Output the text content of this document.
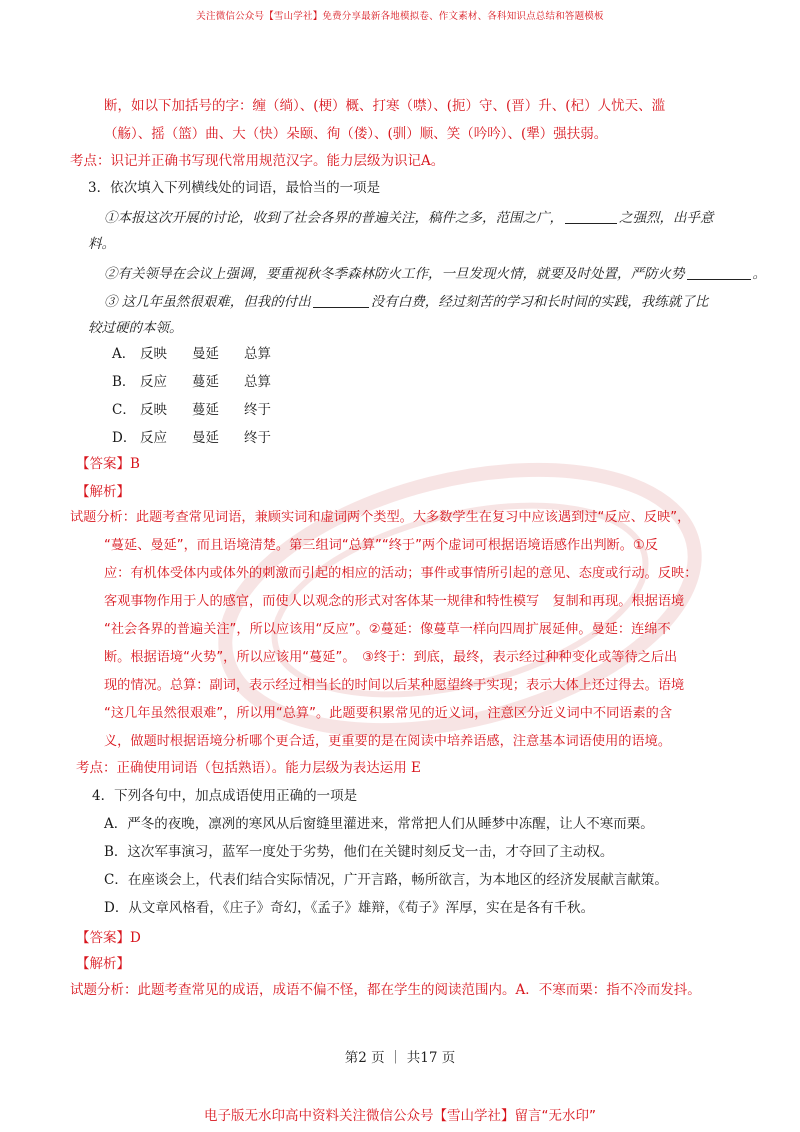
关注微信公众号【雪山学社】免费分享最新各地模拟卷、作文素材、各科知识点总结和答题模板
断，如以下加括号的字：缠（绱）、(梗）概、打寒（噤）、(扼）守、(晋）升、(杞）人忧天、滥
（觞）、摇（篮）曲、大（快）朵颐、徇（偻）、(驯）顺、笑（吟吟）、(犟）强扶弱。
考点：识记并正确书写现代常用规范汉字。能力层级为识记A。
3．依次填入下列横线处的词语，最恰当的一项是
①本报这次开展的讨论，收到了社会各界的普遍关注，稿件之多，范围之广，	之强烈，出乎意
料。
②有关领导在会议上强调，要重视秋冬季森林防火工作，一旦发现火情，就要及时处置，严防火势	。
③ 这几年虽然很艰难，但我的付出	没有白费，经过刻苦的学习和长时间的实践，我练就了比
较过硬的本领。
A． 反映 曼延 总算
B． 反应 蔓延 总算
C． 反映 蔓延 终于
D． 反应 曼延 终于
【答案】B
【解析】
试题分析：此题考查常见词语，兼顾实词和虚词两个类型。大多数学生在复习中应该遇到过“反应、反映”，
“蔓延、曼延”，而且语境清楚。第三组词“总算”“终于”两个虚词可根据语境语感作出判断。①反
应：有机体受体内或体外的刺激而引起的相应的活动；事件或事情所引起的意见、态度或行动。反映：
客观事物作用于人的感官，而使人以观念的形式对客体某一规律和特性模写　复制和再现。根据语境
“社会各界的普遍关注”，所以应该用“反应”。②蔓延：像蔓草一样向四周扩展延伸。曼延：连绵不
断。根据语境“火势”，所以应该用“蔓延”。　③终于：到底，最终，表示经过种种变化或等待之后出
现的情况。总算：副词，表示经过相当长的时间以后某种愿望终于实现；表示大体上还过得去。语境
“这几年虽然很艰难”，所以用“总算”。此题要积累常见的近义词，注意区分近义词中不同语素的含
义，做题时根据语境分析哪个更合适，更重要的是在阅读中培养语感，注意基本词语使用的语境。
考点：正确使用词语（包括熟语）。能力层级为表达运用 E
4．下列各句中，加点成语使用正确的一项是
A．严冬的夜晚，凛冽的寒风从后窗缝里灌进来，常常把人们从睡梦中冻醒，让人不寒而栗。
B．这次军事演习，蓝军一度处于劣势，他们在关键时刻反戈一击，才夺回了主动权。
C．在座谈会上，代表们结合实际情况，广开言路，畅所欲言，为本地区的经济发展献言献策。
D．从文章风格看，《庄子》奇幻，《孟子》雄辩，《荀子》浑厚，实在是各有千秋。
【答案】D
【解析】
试题分析：此题考查常见的成语，成语不偏不怪，都在学生的阅读范围内。A．不寒而栗：指不冷而发抖。
第2 页 ｜ 共17 页
电子版无水印高中资料关注微信公众号【雪山学社】留言“无水印”
